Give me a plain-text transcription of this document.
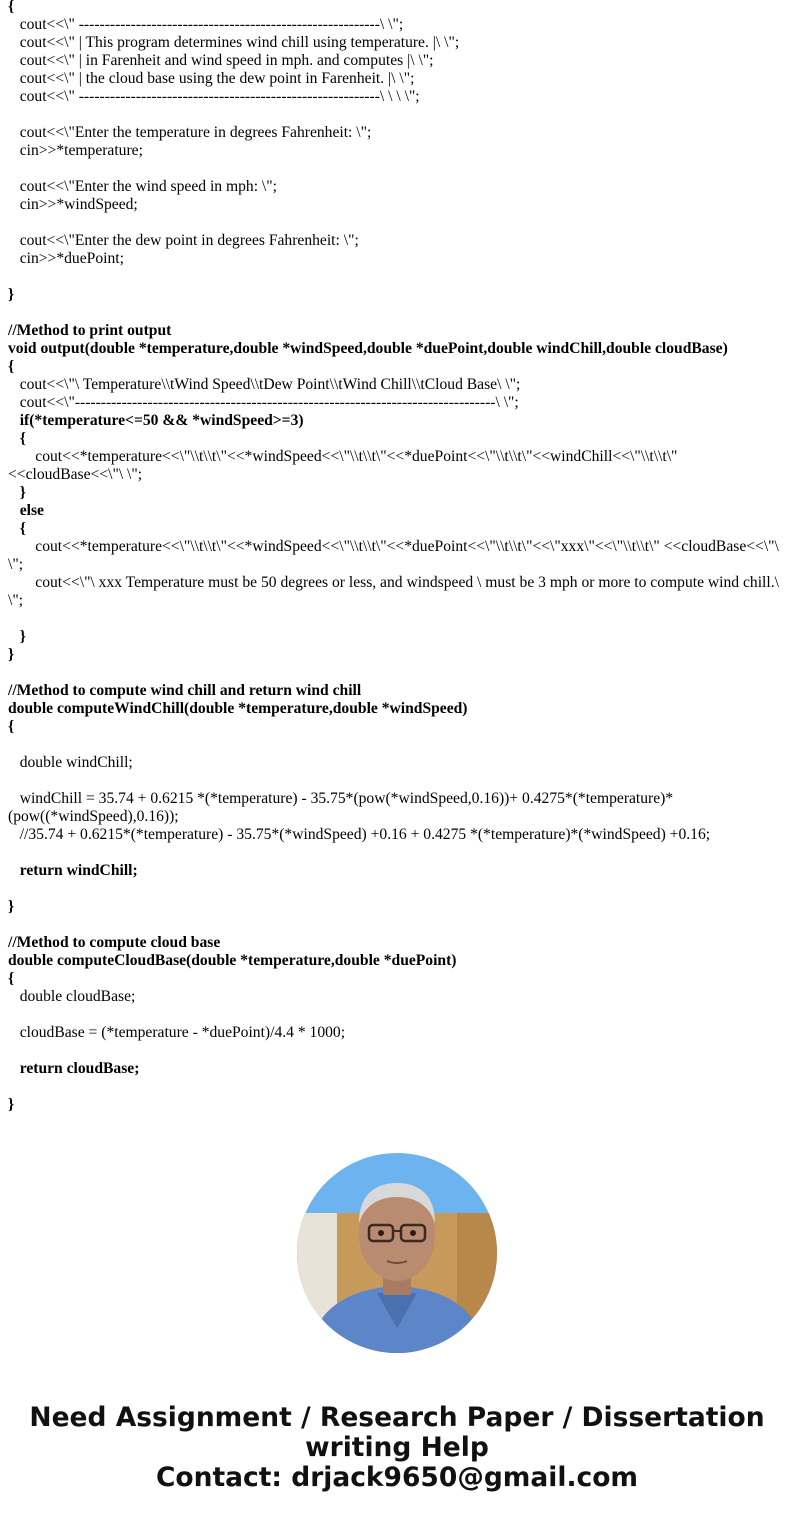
{
cout<<\" ----------------------------------------------------------\ \";
cout<<\" | This program determines wind chill using temperature. |\ \";
cout<<\" | in Farenheit and wind speed in mph. and computes |\ \";
cout<<\" | the cloud base using the dew point in Farenheit. |\ \";
cout<<\" ----------------------------------------------------------\ \ \ \";
cout<<\"Enter the temperature in degrees Fahrenheit: \";
cin>>*temperature;
cout<<\"Enter the wind speed in mph: \";
cin>>*windSpeed;
cout<<\"Enter the dew point in degrees Fahrenheit: \";
cin>>*duePoint;
}
//Method to print output
void output(double *temperature,double *windSpeed,double *duePoint,double windChill,double cloudBase)
{
cout<<\"\ Temperature\\tWind Speed\\tDew Point\\tWind Chill\\tCloud Base\ \";
cout<<\"---------------------------------------------------------------------------------\ \";
if(*temperature<=50 && *windSpeed>=3)
{
cout<<*temperature<<\"\\t\\t\"<<*windSpeed<<\"\\t\\t\"<<*duePoint<<\"\\t\\t\"<<windChill<<\"\\t\\t\" <<cloudBase<<\"\ \";
}
else
{
cout<<*temperature<<\"\\t\\t\"<<*windSpeed<<\"\\t\\t\"<<*duePoint<<\"\\t\\t\"<<\"xxx\"<<\"\\t\\t\" <<cloudBase<<\"\ \";
cout<<\"\ xxx Temperature must be 50 degrees or less, and windspeed \ must be 3 mph or more to compute wind chill.\ \";
}
}
//Method to compute wind chill and return wind chill
double computeWindChill(double *temperature,double *windSpeed)
{
double windChill;
windChill = 35.74 + 0.6215 *(*temperature) - 35.75*(pow(*windSpeed,0.16))+ 0.4275*(*temperature)* (pow((*windSpeed),0.16));
//35.74 + 0.6215*(*temperature) - 35.75*(*windSpeed) +0.16 + 0.4275 *(*temperature)*(*windSpeed) +0.16;
return windChill;
}
//Method to compute cloud base
double computeCloudBase(double *temperature,double *duePoint)
{
double cloudBase;
cloudBase = (*temperature - *duePoint)/4.4 * 1000;
return cloudBase;
}
Need Assignment / Research Paper / Dissertation
writing Help
Contact: drjack9650@gmail.com
